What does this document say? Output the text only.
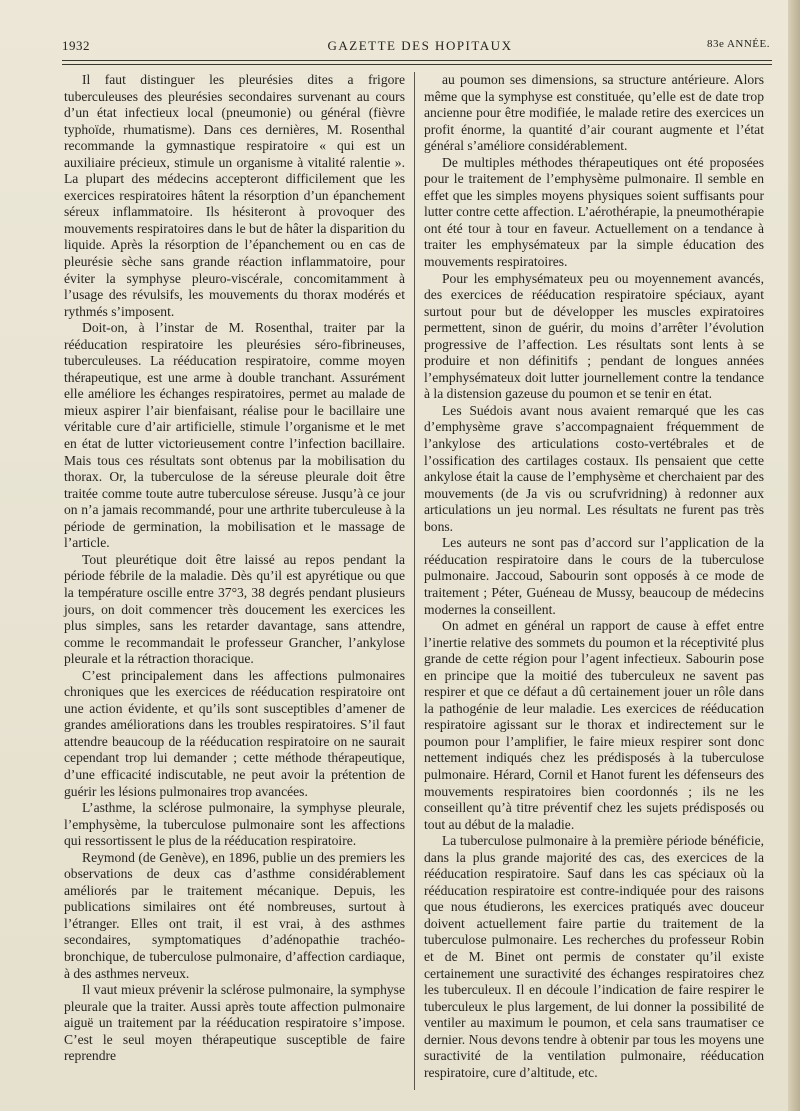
1932	GAZETTE DES HOPITAUX	83e ANNÉE.

Il faut distinguer les pleurésies dites a frigore tuberculeuses des pleurésies secondaires survenant au cours d’un état infectieux local (pneumonie) ou général (fièvre typhoïde, rhumatisme). Dans ces dernières, M. Rosenthal recommande la gymnastique respiratoire « qui est un auxiliaire précieux, stimule un organisme à vitalité ralentie ». La plupart des médecins accepteront difficilement que les exercices respiratoires hâtent la résorption d’un épanchement séreux inflammatoire. Ils hésiteront à provoquer des mouvements respiratoires dans le but de hâter la disparition du liquide. Après la résorption de l’épanchement ou en cas de pleurésie sèche sans grande réaction inflammatoire, pour éviter la symphyse pleuro-viscérale, concomitamment à l’usage des révulsifs, les mouvements du thorax modérés et rythmés s’imposent.

Doit-on, à l’instar de M. Rosenthal, traiter par la rééducation respiratoire les pleurésies séro-fibrineuses, tuberculeuses. La rééducation respiratoire, comme moyen thérapeutique, est une arme à double tranchant. Assurément elle améliore les échanges respiratoires, permet au malade de mieux aspirer l’air bienfaisant, réalise pour le bacillaire une véritable cure d’air artificielle, stimule l’organisme et le met en état de lutter victorieusement contre l’infection bacillaire. Mais tous ces résultats sont obtenus par la mobilisation du thorax. Or, la tuberculose de la séreuse pleurale doit être traitée comme toute autre tuberculose séreuse. Jusqu’à ce jour on n’a jamais recommandé, pour une arthrite tuberculeuse à la période de germination, la mobilisation et le massage de l’article.

Tout pleurétique doit être laissé au repos pendant la période fébrile de la maladie. Dès qu’il est apyrétique ou que la température oscille entre 37°3, 38 degrés pendant plusieurs jours, on doit commencer très doucement les exercices les plus simples, sans les retarder davantage, sans attendre, comme le recommandait le professeur Grancher, l’ankylose pleurale et la rétraction thoracique.

C’est principalement dans les affections pulmonaires chroniques que les exercices de rééducation respiratoire ont une action évidente, et qu’ils sont susceptibles d’amener de grandes améliorations dans les troubles respiratoires. S’il faut attendre beaucoup de la rééducation respiratoire on ne saurait cependant trop lui demander ; cette méthode thérapeutique, d’une efficacité indiscutable, ne peut avoir la prétention de guérir les lésions pulmonaires trop avancées.

L’asthme, la sclérose pulmonaire, la symphyse pleurale, l’emphysème, la tuberculose pulmonaire sont les affections qui ressortissent le plus de la rééducation respiratoire.

Reymond (de Genève), en 1896, publie un des premiers les observations de deux cas d’asthme considérablement améliorés par le traitement mécanique. Depuis, les publications similaires ont été nombreuses, surtout à l’étranger. Elles ont trait, il est vrai, à des asthmes secondaires, symptomatiques d’adénopathie trachéo-bronchique, de tuberculose pulmonaire, d’affection cardiaque, à des asthmes nerveux.

Il vaut mieux prévenir la sclérose pulmonaire, la symphyse pleurale que la traiter. Aussi après toute affection pulmonaire aiguë un traitement par la rééducation respiratoire s’impose. C’est le seul moyen thérapeutique susceptible de faire reprendre

au poumon ses dimensions, sa structure antérieure. Alors même que la symphyse est constituée, qu’elle est de date trop ancienne pour être modifiée, le malade retire des exercices un profit énorme, la quantité d’air courant augmente et l’état général s’améliore considérablement.

De multiples méthodes thérapeutiques ont été proposées pour le traitement de l’emphysème pulmonaire. Il semble en effet que les simples moyens physiques soient suffisants pour lutter contre cette affection. L’aérothérapie, la pneumothérapie ont été tour à tour en faveur. Actuellement on a tendance à traiter les emphysémateux par la simple éducation des mouvements respiratoires.

Pour les emphysémateux peu ou moyennement avancés, des exercices de rééducation respiratoire spéciaux, ayant surtout pour but de développer les muscles expiratoires permettent, sinon de guérir, du moins d’arrêter l’évolution progressive de l’affection. Les résultats sont lents à se produire et non définitifs ; pendant de longues années l’emphysémateux doit lutter journellement contre la tendance à la distension gazeuse du poumon et se tenir en état.

Les Suédois avant nous avaient remarqué que les cas d’emphysème grave s’accompagnaient fréquemment de l’ankylose des articulations costo-vertébrales et de l’ossification des cartilages costaux. Ils pensaient que cette ankylose était la cause de l’emphysème et cherchaient par des mouvements (de Ja vis ou scrufvridning) à redonner aux articulations un jeu normal. Les résultats ne furent pas très bons.

Les auteurs ne sont pas d’accord sur l’application de la rééducation respiratoire dans le cours de la tuberculose pulmonaire. Jaccoud, Sabourin sont opposés à ce mode de traitement ; Péter, Guéneau de Mussy, beaucoup de médecins modernes la conseillent.

On admet en général un rapport de cause à effet entre l’inertie relative des sommets du poumon et la réceptivité plus grande de cette région pour l’agent infectieux. Sabourin pose en principe que la moitié des tuberculeux ne savent pas respirer et que ce défaut a dû certainement jouer un rôle dans la pathogénie de leur maladie. Les exercices de rééducation respiratoire agissant sur le thorax et indirectement sur le poumon pour l’amplifier, le faire mieux respirer sont donc nettement indiqués chez les prédisposés à la tuberculose pulmonaire. Hérard, Cornil et Hanot furent les défenseurs des mouvements respiratoires bien coordonnés ; ils ne les conseillent qu’à titre préventif chez les sujets prédisposés ou tout au début de la maladie.

La tuberculose pulmonaire à la première période bénéficie, dans la plus grande majorité des cas, des exercices de la rééducation respiratoire. Sauf dans les cas spéciaux où la rééducation respiratoire est contre-indiquée pour des raisons que nous étudierons, les exercices pratiqués avec douceur doivent actuellement faire partie du traitement de la tuberculose pulmonaire. Les recherches du professeur Robin et de M. Binet ont permis de constater qu’il existe certainement une suractivité des échanges respiratoires chez les tuberculeux. Il en découle l’indication de faire respirer le tuberculeux le plus largement, de lui donner la possibilité de ventiler au maximum le poumon, et cela sans traumatiser ce dernier. Nous devons tendre à obtenir par tous les moyens une suractivité de la ventilation pulmonaire, rééducation respiratoire, cure d’altitude, etc.
